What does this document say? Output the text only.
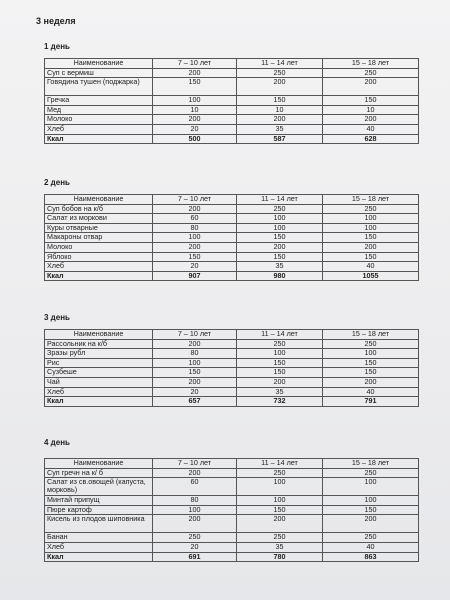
3 неделя
1 день
Наименование	7 – 10 лет	11 – 14 лет	15 – 18 лет
Суп с вермиш	200	250	250
Говядина тушен (поджарка)	150	200	200
Гречка	100	150	150
Мед	10	10	10
Молоко	200	200	200
Хлеб	20	35	40
Ккал	500	587	628
2 день
Наименование	7 – 10 лет	11 – 14 лет	15 – 18 лет
Суп бобов на к/б	200	250	250
Салат из моркови	60	100	100
Куры отварные	80	100	100
Макароны отвар	100	150	150
Молоко	200	200	200
Яблоко	150	150	150
Хлеб	20	35	40
Ккал	907	980	1055
3 день
Наименование	7 – 10 лет	11 – 14 лет	15 – 18 лет
Рассольник на к/б	200	250	250
Зразы рубл	80	100	100
Рис	100	150	150
Сузбеше	150	150	150
Чай	200	200	200
Хлеб	20	35	40
Ккал	657	732	791
4 день
Наименование	7 – 10 лет	11 – 14 лет	15 – 18 лет
Суп гречн на к/ б	200	250	250
Салат из св.овощей (капуста, морковь)	60	100	100
Минтай припущ	80	100	100
Пюре картоф	100	150	150
Кисель из плодов шиповника	200	200	200
Банан	250	250	250
Хлеб	20	35	40
Ккал	691	780	863
